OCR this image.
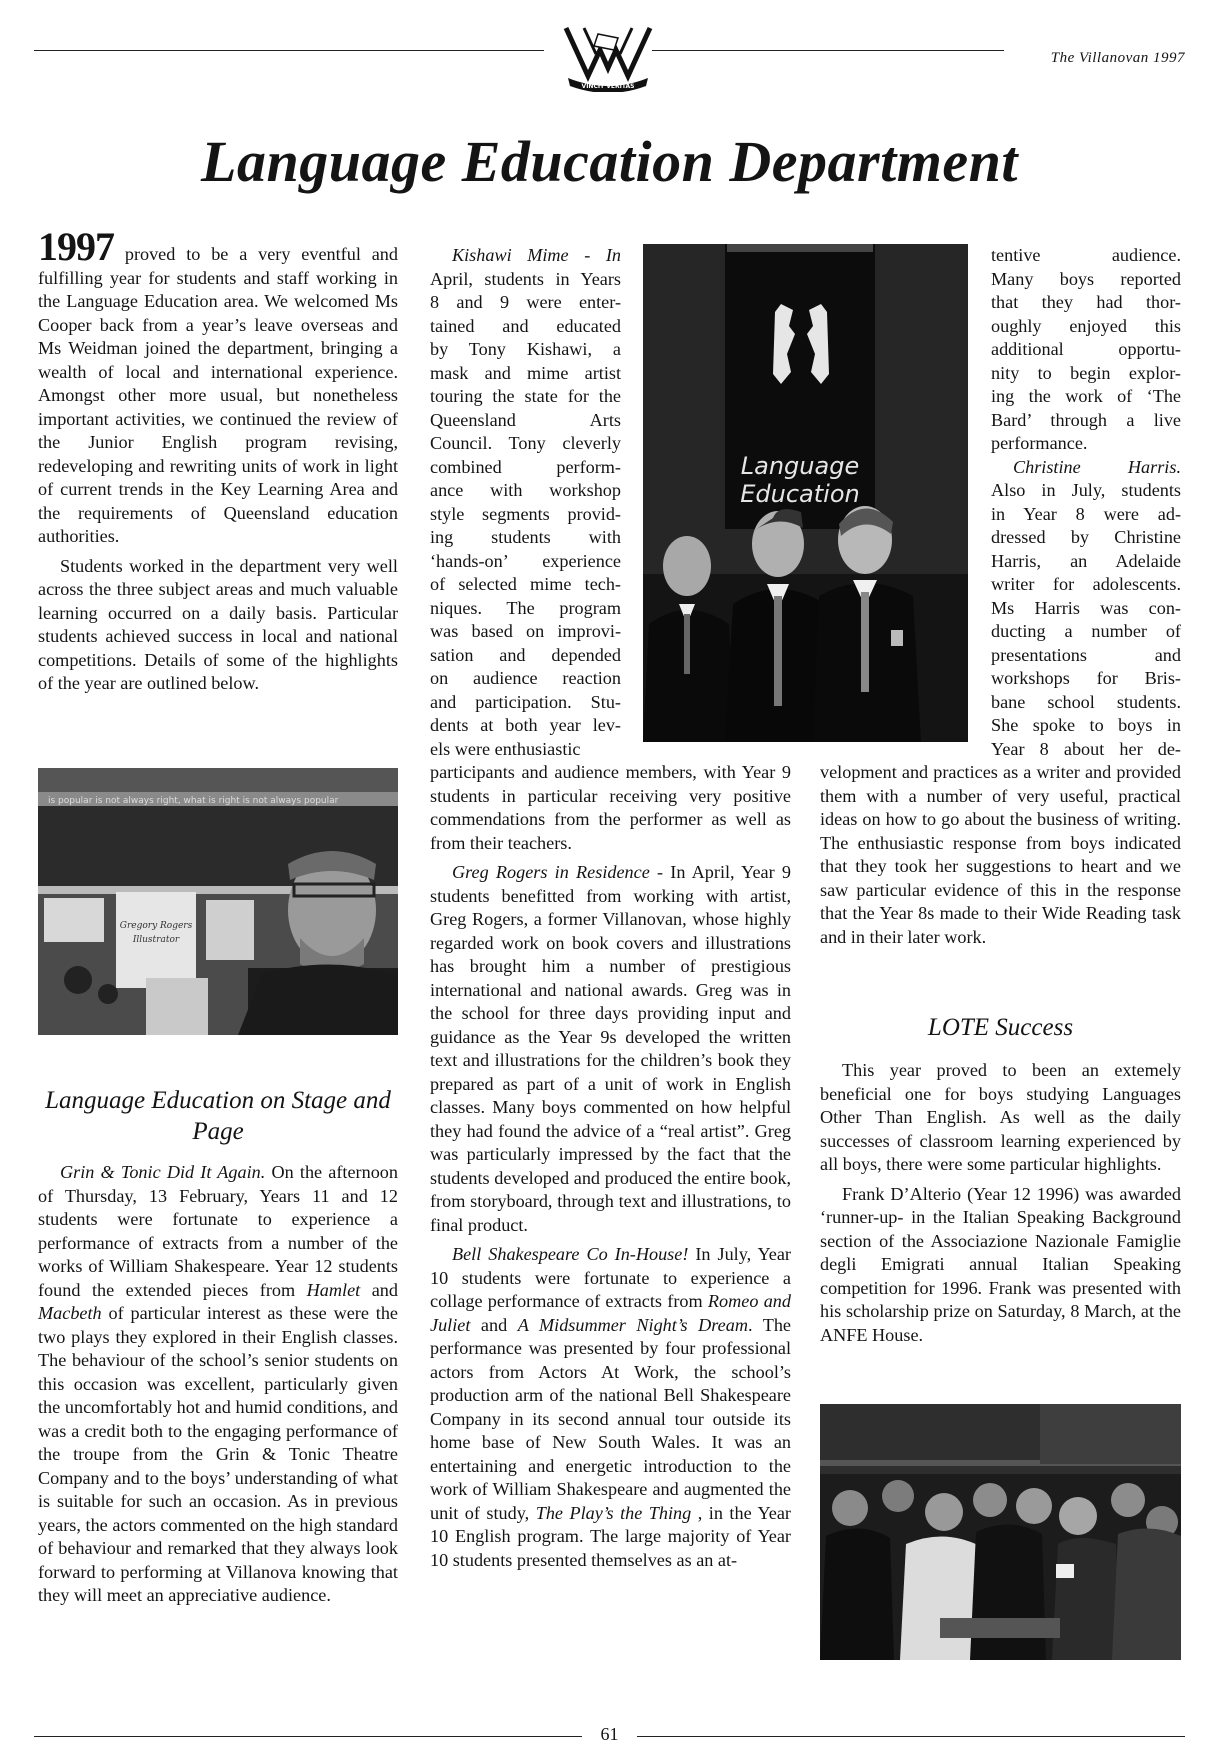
VINCIT VERITAS
The Villanovan 1997
Language Education Department

1997 proved to be a very eventful and fulfilling year for students and staff working in the Language Education area. We welcomed Ms Cooper back from a year’s leave overseas and Ms Weidman joined the department, bringing a wealth of local and international experience. Amongst other more usual, but nonetheless important activities, we continued the review of the Junior English program revising, redeveloping and rewriting units of work in light of current trends in the Key Learning Area and the requirements of Queensland education authorities.

Students worked in the department very well across the three subject areas and much valuable learning occurred on a daily basis. Particular students achieved success in local and national competitions. Details of some of the highlights of the year are outlined below.

is popular is not always right, what is right is not always popular
Gregory Rogers
Illustrator
Language Education on Stage and Page

Grin & Tonic Did It Again. On the afternoon of Thursday, 13 February, Years 11 and 12 students were fortunate to experience a performance of extracts from a number of the works of William Shakespeare. Year 12 students found the extended pieces from Hamlet and Macbeth of particular interest as these were the two plays they explored in their English classes. The behaviour of the school’s senior students on this occasion was excellent, particularly given the uncomfortably hot and humid conditions, and was a credit both to the engaging performance of the troupe from the Grin & Tonic Theatre Company and to the boys’ understanding of what is suitable for such an occasion. As in previous years, the actors commented on the high standard of behaviour and remarked that they always look forward to performing at Villanova knowing that they will meet an appreciative audience.

Kishawi Mime - In
April, students in Years
8 and 9 were enter-
tained and educated
by Tony Kishawi, a
mask and mime artist
touring the state for the
Queensland Arts
Council. Tony cleverly
combined perform-
ance with workshop
style segments provid-
ing students with
‘hands-on’ experience
of selected mime tech-
niques. The program
was based on improvi-
sation and depended
on audience reaction
and participation. Stu-
dents at both year lev-
els were enthusiastic
Language
Education

participants and audience members, with Year 9 students in particular receiving very positive commendations from the performer as well as from their teachers.

Greg Rogers in Residence - In April, Year 9 students benefitted from working with artist, Greg Rogers, a former Villanovan, whose highly regarded work on book covers and illustrations has brought him a number of prestigious international and national awards. Greg was in the school for three days providing input and guidance as the Year 9s developed the written text and illustrations for the children’s book they prepared as part of a unit of work in English classes. Many boys commented on how helpful they had found the advice of a “real artist”. Greg was particularly impressed by the fact that the students developed and produced the entire book, from storyboard, through text and illustrations, to final product.

Bell Shakespeare Co In-House! In July, Year 10 students were fortunate to experience a collage performance of extracts from Romeo and Juliet and A Midsummer Night’s Dream. The performance was presented by four professional actors from Actors At Work, the school’s production arm of the national Bell Shakespeare Company in its second annual tour outside its home base of New South Wales. It was an entertaining and energetic introduction to the work of William Shakespeare and augmented the unit of study, The Play’s the Thing , in the Year 10 English program. The large majority of Year 10 students presented themselves as an at-

tentive audience.
Many boys reported
that they had thor-
oughly enjoyed this
additional opportu-
nity to begin explor-
ing the work of ‘The
Bard’ through a live
performance.
Christine Harris.
Also in July, students
in Year 8 were ad-
dressed by Christine
Harris, an Adelaide
writer for adolescents.
Ms Harris was con-
ducting a number of
presentations and
workshops for Bris-
bane school students.
She spoke to boys in
Year 8 about her de-

velopment and practices as a writer and provided them with a number of very useful, practical ideas on how to go about the business of writing. The enthusiastic response from boys indicated that they took her suggestions to heart and we saw particular evidence of this in the response that the Year 8s made to their Wide Reading task and in their later work.

LOTE Success

This year proved to been an extemely beneficial one for boys studying Languages Other Than English. As well as the daily successes of classroom learning experienced by all boys, there were some particular highlights.

Frank D’Alterio (Year 12 1996) was awarded ‘runner-up- in the Italian Speaking Background section of the Associazione Nazionale Famiglie degli Emigrati annual Italian Speaking competition for 1996. Frank was presented with his scholarship prize on Saturday, 8 March, at the ANFE House.

61
